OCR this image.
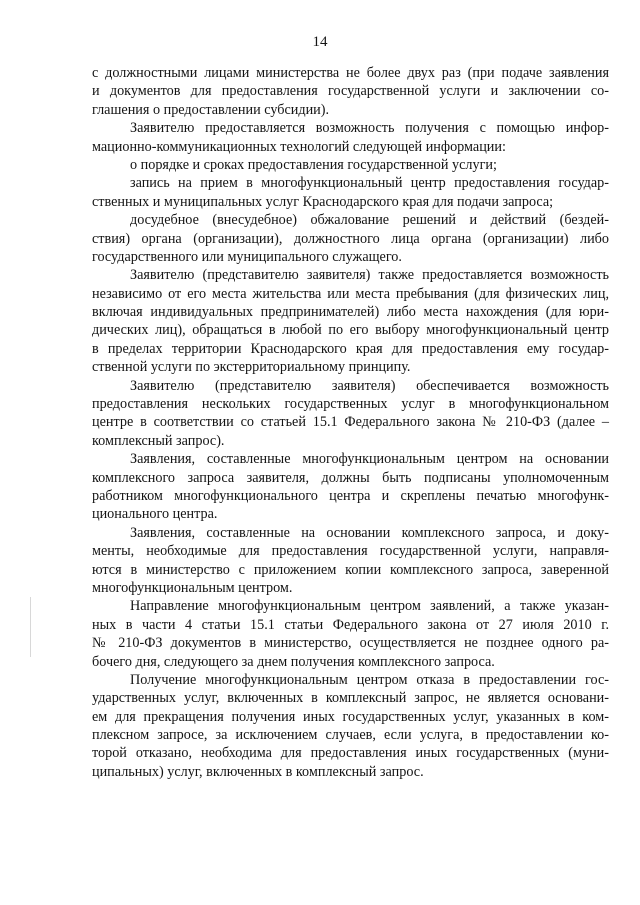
14
с должностными лицами министерства не более двух раз (при подаче заявления
и документов для предоставления государственной услуги и заключении со-
глашения о предоставлении субсидии).
Заявителю предоставляется возможность получения с помощью инфор-
мационно-коммуникационных технологий следующей информации:
о порядке и сроках предоставления государственной услуги;
запись на прием в многофункциональный центр предоставления государ-
ственных и муниципальных услуг Краснодарского края для подачи запроса;
досудебное (внесудебное) обжалование решений и действий (бездей-
ствия) органа (организации), должностного лица органа (организации) либо
государственного или муниципального служащего.
Заявителю (представителю заявителя) также предоставляется возможность
независимо от его места жительства или места пребывания (для физических лиц,
включая индивидуальных предпринимателей) либо места нахождения (для юри-
дических лиц), обращаться в любой по его выбору многофункциональный центр
в пределах территории Краснодарского края для предоставления ему государ-
ственной услуги по экстерриториальному принципу.
Заявителю (представителю заявителя) обеспечивается возможность
предоставления нескольких государственных услуг в многофункциональном
центре в соответствии со статьей 15.1 Федерального закона № 210-ФЗ (далее –
комплексный запрос).
Заявления, составленные многофункциональным центром на основании
комплексного запроса заявителя, должны быть подписаны уполномоченным
работником многофункционального центра и скреплены печатью многофунк-
ционального центра.
Заявления, составленные на основании комплексного запроса, и доку-
менты, необходимые для предоставления государственной услуги, направля-
ются в министерство с приложением копии комплексного запроса, заверенной
многофункциональным центром.
Направление многофункциональным центром заявлений, а также указан-
ных в части 4 статьи 15.1 статьи Федерального закона от 27 июля 2010 г.
№ 210-ФЗ документов в министерство, осуществляется не позднее одного ра-
бочего дня, следующего за днем получения комплексного запроса.
Получение многофункциональным центром отказа в предоставлении гос-
ударственных услуг, включенных в комплексный запрос, не является основани-
ем для прекращения получения иных государственных услуг, указанных в ком-
плексном запросе, за исключением случаев, если услуга, в предоставлении ко-
торой отказано, необходима для предоставления иных государственных (муни-
ципальных) услуг, включенных в комплексный запрос.
